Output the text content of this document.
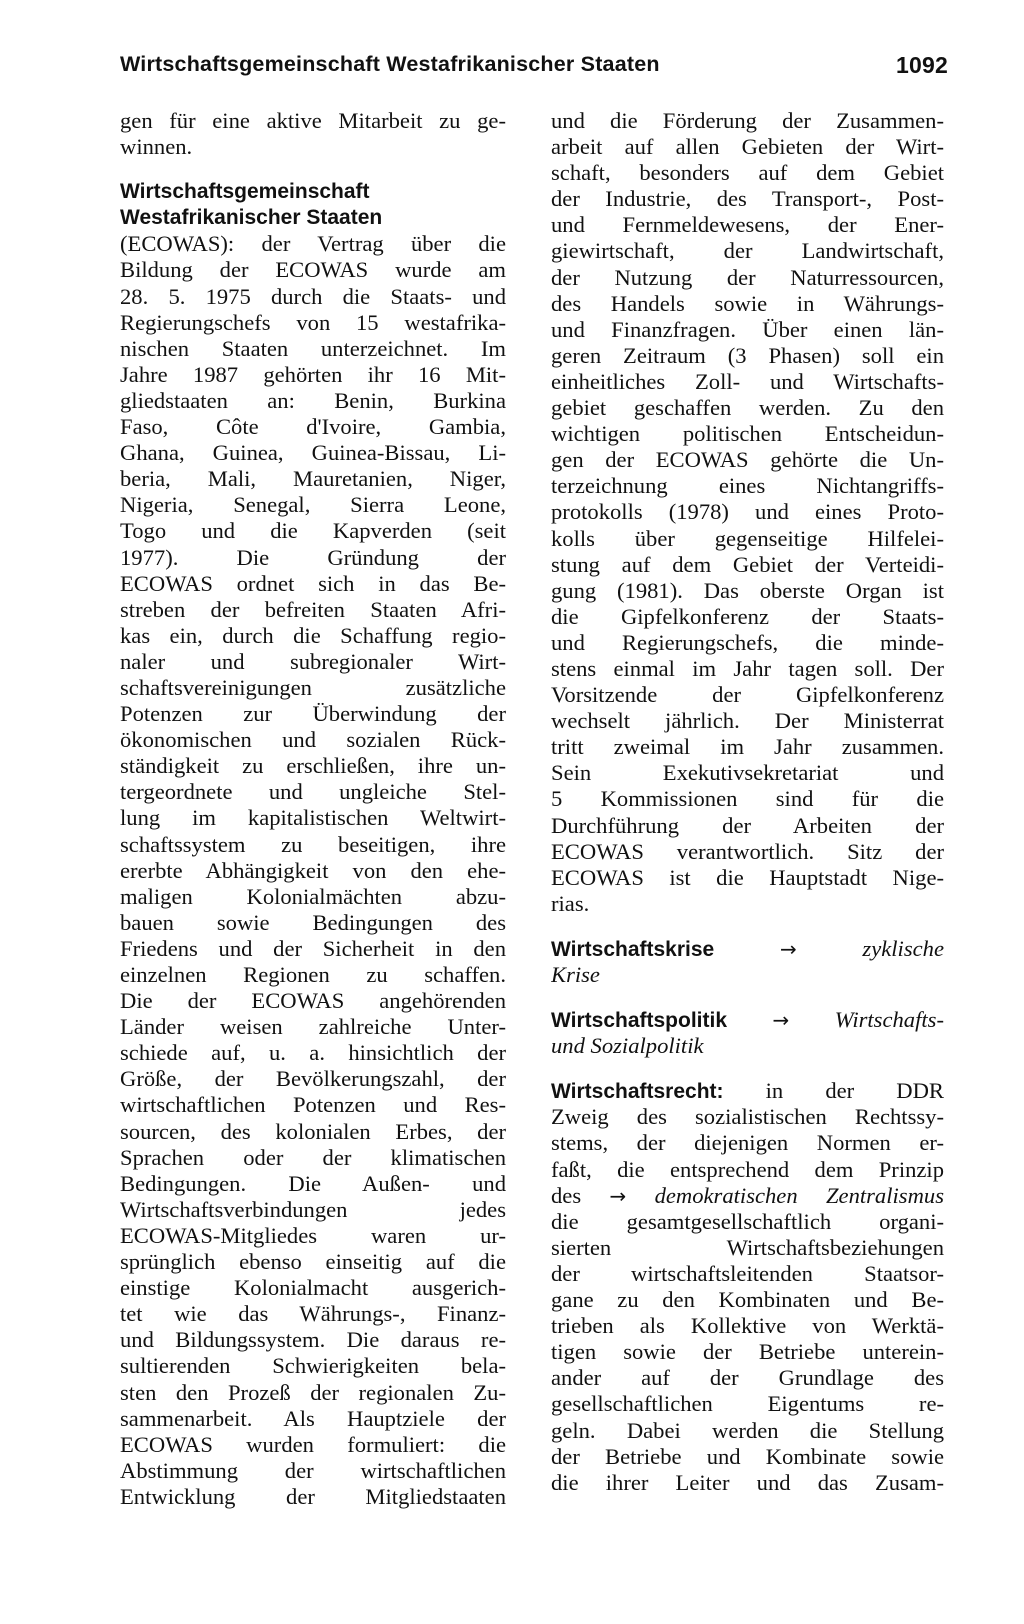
Wirtschaftsgemeinschaft Westafrikanischer Staaten	1092
gen für eine aktive Mitarbeit zu ge-
winnen.
Wirtschaftsgemeinschaft
Westafrikanischer Staaten
(ECOWAS): der Vertrag über die
Bildung der ECOWAS wurde am
28. 5. 1975 durch die Staats- und
Regierungschefs von 15 westafrika-
nischen Staaten unterzeichnet. Im
Jahre 1987 gehörten ihr 16 Mit-
gliedstaaten an: Benin, Burkina
Faso, Côte d'Ivoire, Gambia,
Ghana, Guinea, Guinea-Bissau, Li-
beria, Mali, Mauretanien, Niger,
Nigeria, Senegal, Sierra Leone,
Togo und die Kapverden (seit
1977). Die Gründung der
ECOWAS ordnet sich in das Be-
streben der befreiten Staaten Afri-
kas ein, durch die Schaffung regio-
naler und subregionaler Wirt-
schaftsvereinigungen zusätzliche
Potenzen zur Überwindung der
ökonomischen und sozialen Rück-
ständigkeit zu erschließen, ihre un-
tergeordnete und ungleiche Stel-
lung im kapitalistischen Weltwirt-
schaftssystem zu beseitigen, ihre
ererbte Abhängigkeit von den ehe-
maligen Kolonialmächten abzu-
bauen sowie Bedingungen des
Friedens und der Sicherheit in den
einzelnen Regionen zu schaffen.
Die der ECOWAS angehörenden
Länder weisen zahlreiche Unter-
schiede auf, u. a. hinsichtlich der
Größe, der Bevölkerungszahl, der
wirtschaftlichen Potenzen und Res-
sourcen, des kolonialen Erbes, der
Sprachen oder der klimatischen
Bedingungen. Die Außen- und
Wirtschaftsverbindungen jedes
ECOWAS-Mitgliedes waren ur-
sprünglich ebenso einseitig auf die
einstige Kolonialmacht ausgerich-
tet wie das Währungs-, Finanz-
und Bildungssystem. Die daraus re-
sultierenden Schwierigkeiten bela-
sten den Prozeß der regionalen Zu-
sammenarbeit. Als Hauptziele der
ECOWAS wurden formuliert: die
Abstimmung der wirtschaftlichen
Entwicklung der Mitgliedstaaten
und die Förderung der Zusammen-
arbeit auf allen Gebieten der Wirt-
schaft, besonders auf dem Gebiet
der Industrie, des Transport-, Post-
und Fernmeldewesens, der Ener-
giewirtschaft, der Landwirtschaft,
der Nutzung der Naturressourcen,
des Handels sowie in Währungs-
und Finanzfragen. Über einen län-
geren Zeitraum (3 Phasen) soll ein
einheitliches Zoll- und Wirtschafts-
gebiet geschaffen werden. Zu den
wichtigen politischen Entscheidun-
gen der ECOWAS gehörte die Un-
terzeichnung eines Nichtangriffs-
protokolls (1978) und eines Proto-
kolls über gegenseitige Hilfelei-
stung auf dem Gebiet der Verteidi-
gung (1981). Das oberste Organ ist
die Gipfelkonferenz der Staats-
und Regierungschefs, die minde-
stens einmal im Jahr tagen soll. Der
Vorsitzende der Gipfelkonferenz
wechselt jährlich. Der Ministerrat
tritt zweimal im Jahr zusammen.
Sein Exekutivsekretariat und
5 Kommissionen sind für die
Durchführung der Arbeiten der
ECOWAS verantwortlich. Sitz der
ECOWAS ist die Hauptstadt Nige-
rias.
Wirtschaftskrise	→	zyklische
Krise
Wirtschaftspolitik → Wirtschafts-
und Sozialpolitik
Wirtschaftsrecht: in der DDR
Zweig des sozialistischen Rechtssy-
stems, der diejenigen Normen er-
faßt, die entsprechend dem Prinzip
des → demokratischen Zentralismus
die gesamtgesellschaftlich organi-
sierten Wirtschaftsbeziehungen
der wirtschaftsleitenden Staatsor-
gane zu den Kombinaten und Be-
trieben als Kollektive von Werktä-
tigen sowie der Betriebe unterein-
ander auf der Grundlage des
gesellschaftlichen Eigentums re-
geln. Dabei werden die Stellung
der Betriebe und Kombinate sowie
die ihrer Leiter und das Zusam-
